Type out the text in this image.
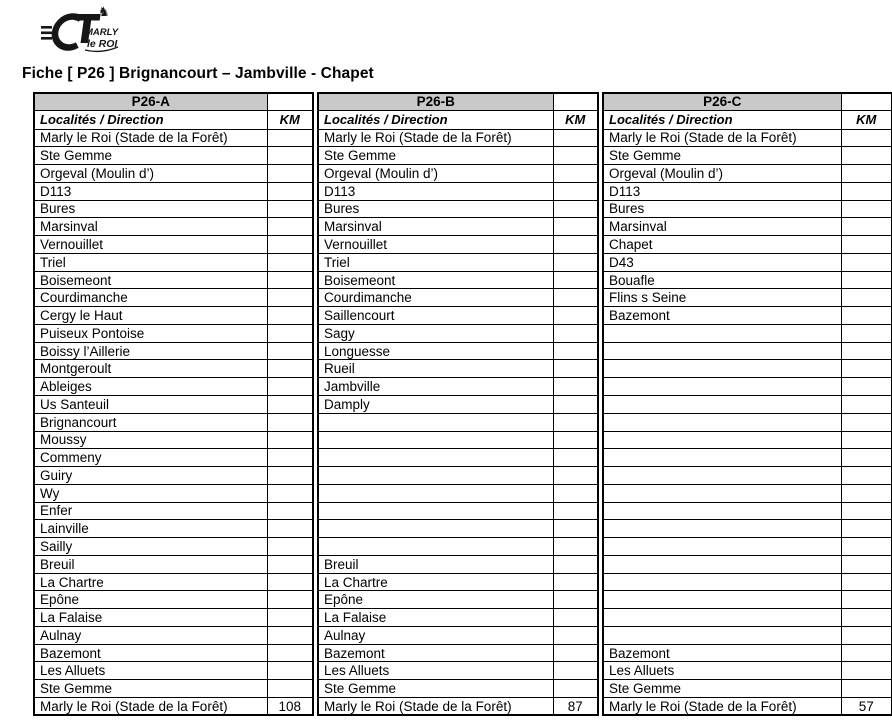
♞
MARLY
le ROI
Fiche [ P26 ] Brignancourt – Jambville - Chapet
P26-A	
Localités / Direction	KM
Marly le Roi (Stade de la Forêt)	
Ste Gemme	
Orgeval (Moulin d’)	
D113	
Bures	
Marsinval	
Vernouillet	
Triel	
Boisemeont	
Courdimanche	
Cergy le Haut	
Puiseux Pontoise	
Boissy l’Aillerie	
Montgeroult	
Ableiges	
Us Santeuil	
Brignancourt	
Moussy	
Commeny	
Guiry	
Wy	
Enfer	
Lainville	
Sailly	
Breuil	
La Chartre	
Epône	
La Falaise	
Aulnay	
Bazemont	
Les Alluets	
Ste Gemme	
Marly le Roi (Stade de la Forêt)	108
P26-B	
Localités / Direction	KM
Marly le Roi (Stade de la Forêt)	
Ste Gemme	
Orgeval (Moulin d’)	
D113	
Bures	
Marsinval	
Vernouillet	
Triel	
Boisemeont	
Courdimanche	
Saillencourt	
Sagy	
Longuesse	
Rueil	
Jambville	
Damply	

Breuil	
La Chartre	
Epône	
La Falaise	
Aulnay	
Bazemont	
Les Alluets	
Ste Gemme	
Marly le Roi (Stade de la Forêt)	87
P26-C	
Localités / Direction	KM
Marly le Roi (Stade de la Forêt)	
Ste Gemme	
Orgeval (Moulin d’)	
D113	
Bures	
Marsinval	
Chapet	
D43	
Bouafle	
Flins s Seine	
Bazemont	

Bazemont	
Les Alluets	
Ste Gemme	
Marly le Roi (Stade de la Forêt)	57
